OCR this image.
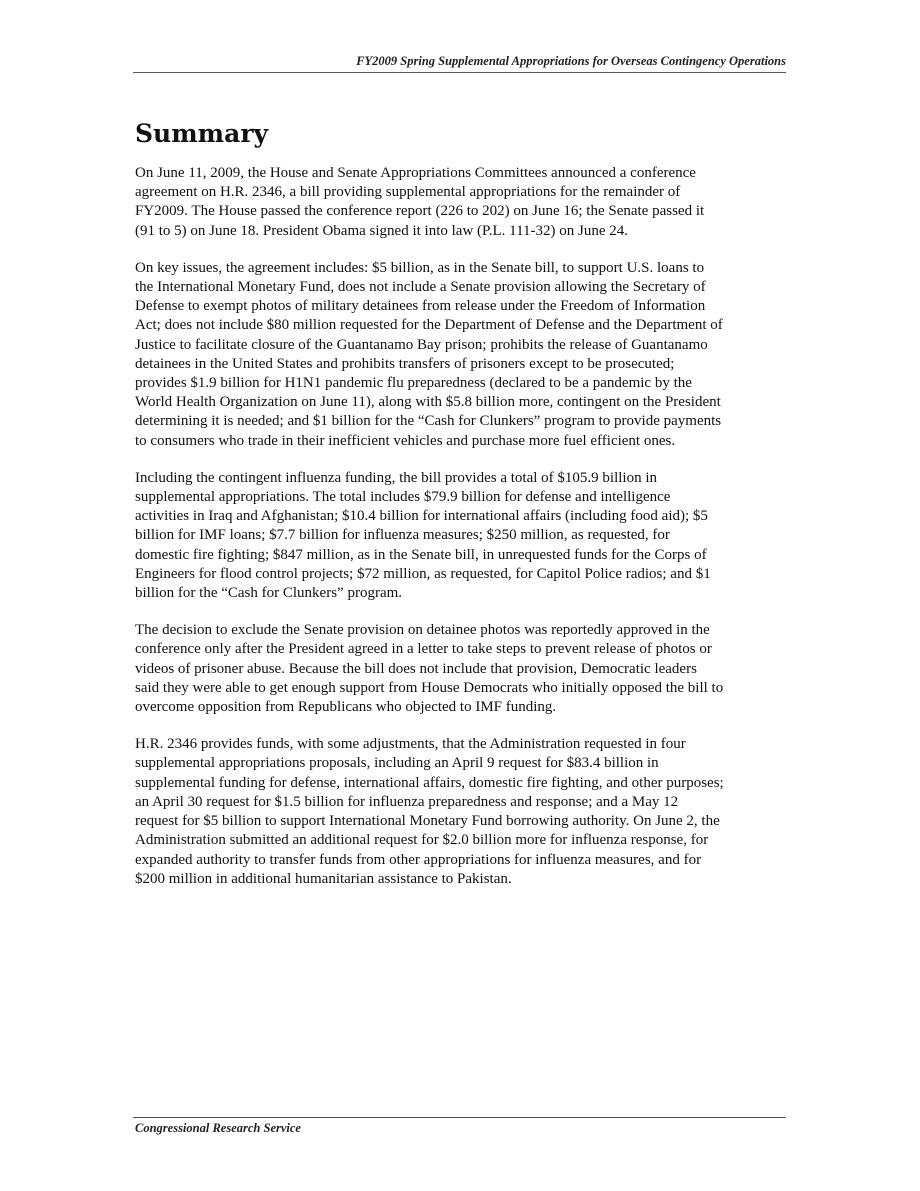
FY2009 Spring Supplemental Appropriations for Overseas Contingency Operations
Summary

On June 11, 2009, the House and Senate Appropriations Committees announced a conference
agreement on H.R. 2346, a bill providing supplemental appropriations for the remainder of
FY2009. The House passed the conference report (226 to 202) on June 16; the Senate passed it
(91 to 5) on June 18. President Obama signed it into law (P.L. 111-32) on June 24.

On key issues, the agreement includes: $5 billion, as in the Senate bill, to support U.S. loans to
the International Monetary Fund, does not include a Senate provision allowing the Secretary of
Defense to exempt photos of military detainees from release under the Freedom of Information
Act; does not include $80 million requested for the Department of Defense and the Department of
Justice to facilitate closure of the Guantanamo Bay prison; prohibits the release of Guantanamo
detainees in the United States and prohibits transfers of prisoners except to be prosecuted;
provides $1.9 billion for H1N1 pandemic flu preparedness (declared to be a pandemic by the
World Health Organization on June 11), along with $5.8 billion more, contingent on the President
determining it is needed; and $1 billion for the “Cash for Clunkers” program to provide payments
to consumers who trade in their inefficient vehicles and purchase more fuel efficient ones.

Including the contingent influenza funding, the bill provides a total of $105.9 billion in
supplemental appropriations. The total includes $79.9 billion for defense and intelligence
activities in Iraq and Afghanistan; $10.4 billion for international affairs (including food aid); $5
billion for IMF loans; $7.7 billion for influenza measures; $250 million, as requested, for
domestic fire fighting; $847 million, as in the Senate bill, in unrequested funds for the Corps of
Engineers for flood control projects; $72 million, as requested, for Capitol Police radios; and $1
billion for the “Cash for Clunkers” program.

The decision to exclude the Senate provision on detainee photos was reportedly approved in the
conference only after the President agreed in a letter to take steps to prevent release of photos or
videos of prisoner abuse. Because the bill does not include that provision, Democratic leaders
said they were able to get enough support from House Democrats who initially opposed the bill to
overcome opposition from Republicans who objected to IMF funding.

H.R. 2346 provides funds, with some adjustments, that the Administration requested in four
supplemental appropriations proposals, including an April 9 request for $83.4 billion in
supplemental funding for defense, international affairs, domestic fire fighting, and other purposes;
an April 30 request for $1.5 billion for influenza preparedness and response; and a May 12
request for $5 billion to support International Monetary Fund borrowing authority. On June 2, the
Administration submitted an additional request for $2.0 billion more for influenza response, for
expanded authority to transfer funds from other appropriations for influenza measures, and for
$200 million in additional humanitarian assistance to Pakistan.

Congressional Research Service
